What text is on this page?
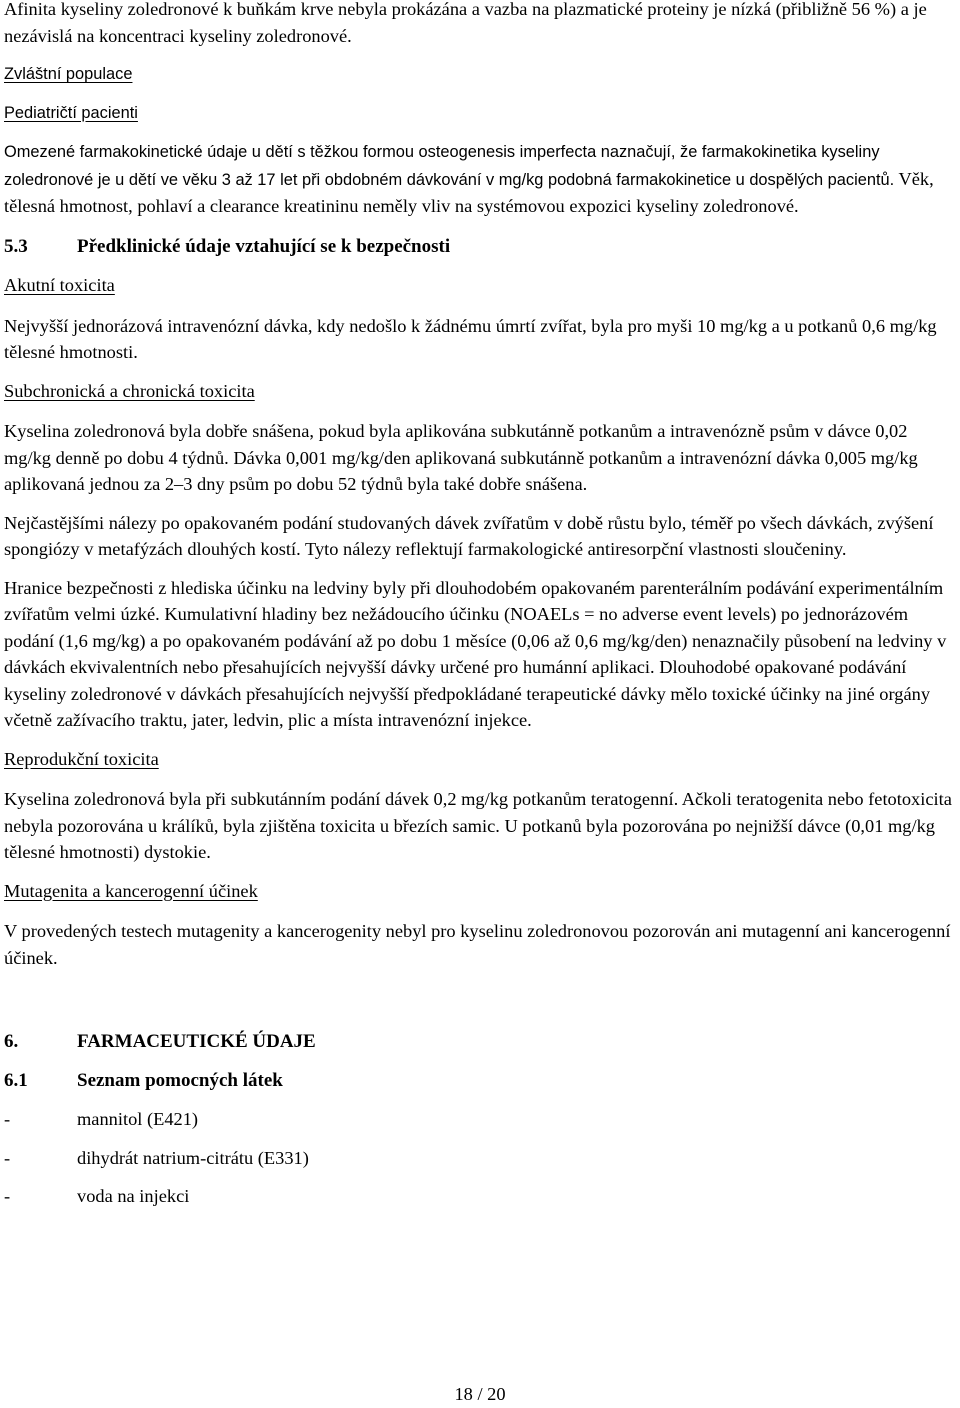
Afinita kyseliny zoledronové k buňkám krve nebyla prokázána a vazba na plazmatické proteiny je nízká (přibližně 56 %) a je nezávislá na koncentraci kyseliny zoledronové.

Zvláštní populace

Pediatričtí pacienti

Omezené farmakokinetické údaje u dětí s těžkou formou osteogenesis imperfecta naznačují, že farmakokinetika kyseliny zoledronové je u dětí ve věku 3 až 17 let při obdobném dávkování v mg/kg podobná farmakokinetice u dospělých pacientů. Věk, tělesná hmotnost, pohlaví a clearance kreatininu neměly vliv na systémovou expozici kyseliny zoledronové.

5.3	Předklinické údaje vztahující se k bezpečnosti

Akutní toxicita

Nejvyšší jednorázová intravenózní dávka, kdy nedošlo k žádnému úmrtí zvířat, byla pro myši 10 mg/kg a u potkanů 0,6 mg/kg tělesné hmotnosti.

Subchronická a chronická toxicita

Kyselina zoledronová byla dobře snášena, pokud byla aplikována subkutánně potkanům a intravenózně psům v dávce 0,02 mg/kg denně po dobu 4 týdnů. Dávka 0,001 mg/kg/den aplikovaná subkutánně potkanům a intravenózní dávka 0,005 mg/kg aplikovaná jednou za 2–3 dny psům po dobu 52 týdnů byla také dobře snášena.

Nejčastějšími nálezy po opakovaném podání studovaných dávek zvířatům v době růstu bylo, téměř po všech dávkách, zvýšení spongiózy v metafýzách dlouhých kostí. Tyto nálezy reflektují farmakologické antiresorpční vlastnosti sloučeniny.

Hranice bezpečnosti z hlediska účinku na ledviny byly při dlouhodobém opakovaném parenterálním podávání experimentálním zvířatům velmi úzké. Kumulativní hladiny bez nežádoucího účinku (NOAELs = no adverse event levels) po jednorázovém podání (1,6 mg/kg) a po opakovaném podávání až po dobu 1 měsíce (0,06 až 0,6 mg/kg/den) nenaznačily působení na ledviny v dávkách ekvivalentních nebo přesahujících nejvyšší dávky určené pro humánní aplikaci. Dlouhodobé opakované podávání kyseliny zoledronové v dávkách přesahujících nejvyšší předpokládané terapeutické dávky mělo toxické účinky na jiné orgány včetně zažívacího traktu, jater, ledvin, plic a místa intravenózní injekce.

Reprodukční toxicita

Kyselina zoledronová byla při subkutánním podání dávek 0,2 mg/kg potkanům teratogenní. Ačkoli teratogenita nebo fetotoxicita nebyla pozorována u králíků, byla zjištěna toxicita u březích samic. U potkanů byla pozorována po nejnižší dávce (0,01 mg/kg tělesné hmotnosti) dystokie.

Mutagenita a kancerogenní účinek

V provedených testech mutagenity a kancerogenity nebyl pro kyselinu zoledronovou pozorován ani mutagenní ani kancerogenní účinek.

6.	FARMACEUTICKÉ ÚDAJE
6.1	Seznam pomocných látek
-	mannitol (E421)
-	dihydrát natrium-citrátu (E331)
-	voda na injekci
18 / 20
